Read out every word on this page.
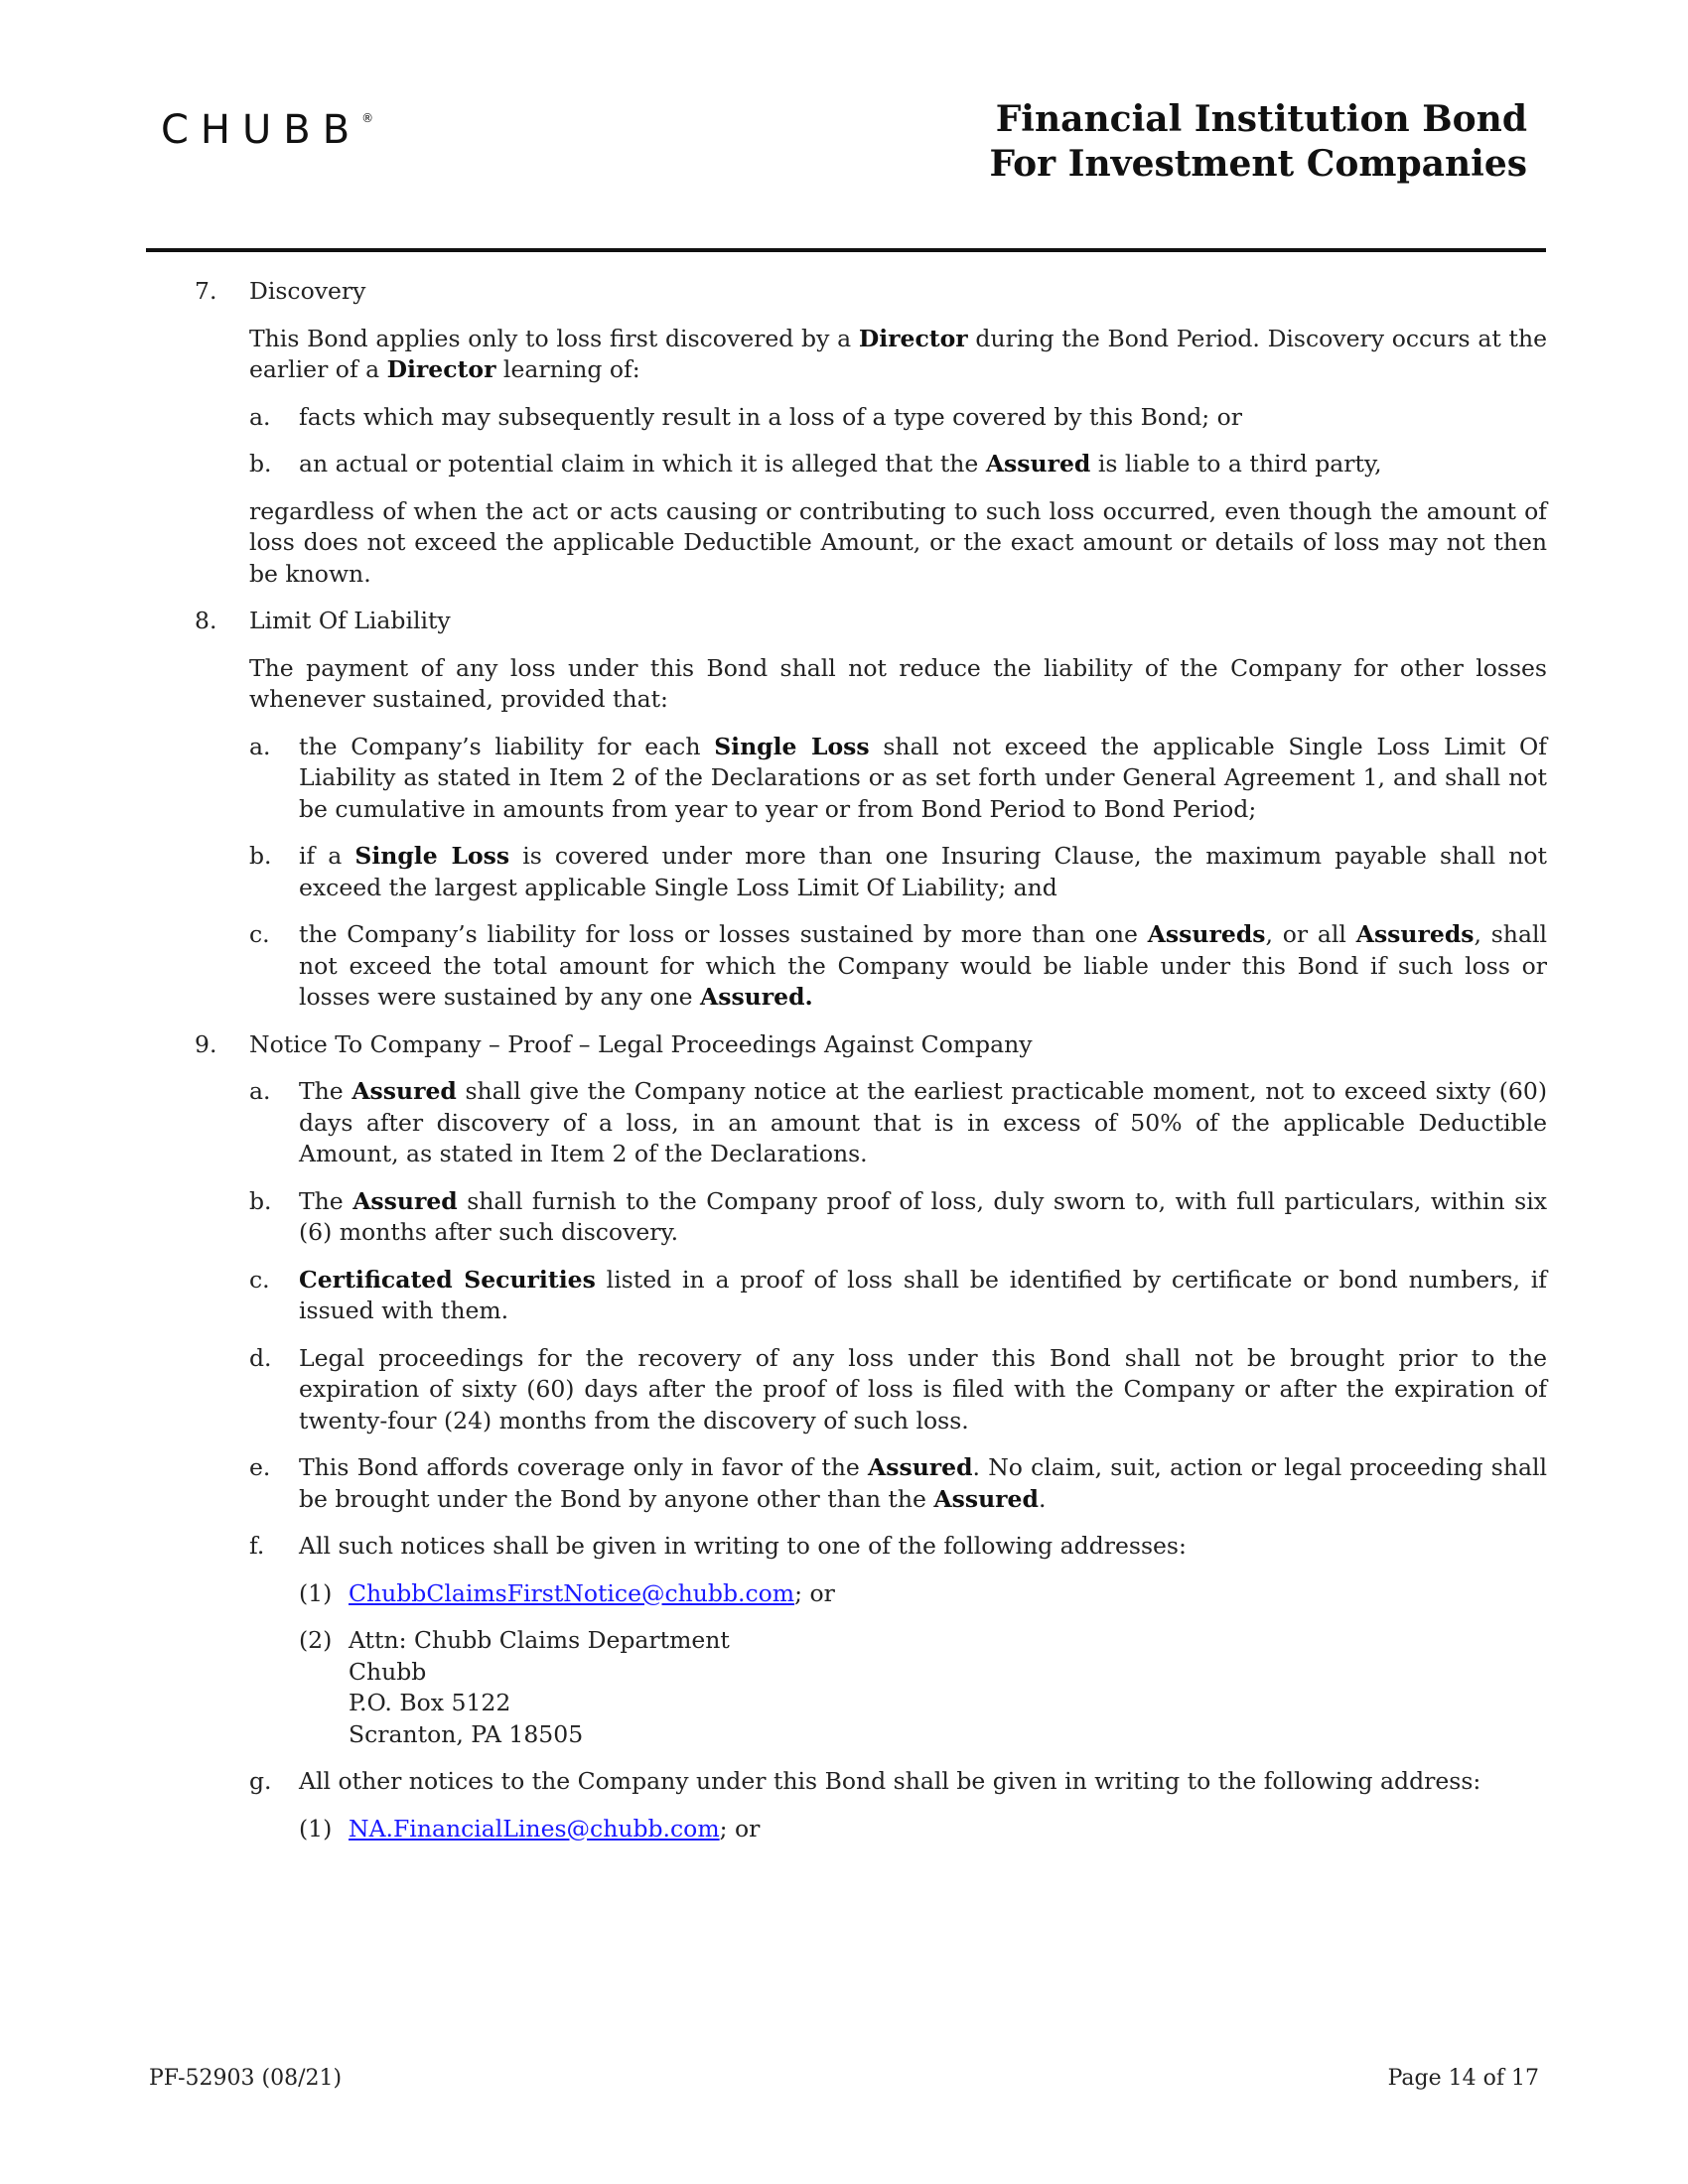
CHUBB®	Financial Institution Bond
For Investment Companies
7. Discovery

This Bond applies only to loss first discovered by a Director during the Bond Period. Discovery occurs at the earlier of a Director learning of:

a. facts which may subsequently result in a loss of a type covered by this Bond; or
b. an actual or potential claim in which it is alleged that the Assured is liable to a third party,

regardless of when the act or acts causing or contributing to such loss occurred, even though the amount of loss does not exceed the applicable Deductible Amount, or the exact amount or details of loss may not then be known.

8. Limit Of Liability

The payment of any loss under this Bond shall not reduce the liability of the Company for other losses whenever sustained, provided that:

a. the Company’s liability for each Single Loss shall not exceed the applicable Single Loss Limit Of Liability as stated in Item 2 of the Declarations or as set forth under General Agreement 1, and shall not be cumulative in amounts from year to year or from Bond Period to Bond Period;
b. if a Single Loss is covered under more than one Insuring Clause, the maximum payable shall not exceed the largest applicable Single Loss Limit Of Liability; and
c. the Company’s liability for loss or losses sustained by more than one Assureds, or all Assureds, shall not exceed the total amount for which the Company would be liable under this Bond if such loss or losses were sustained by any one Assured.
9. Notice To Company – Proof – Legal Proceedings Against Company
a. The Assured shall give the Company notice at the earliest practicable moment, not to exceed sixty (60) days after discovery of a loss, in an amount that is in excess of 50% of the applicable Deductible Amount, as stated in Item 2 of the Declarations.
b. The Assured shall furnish to the Company proof of loss, duly sworn to, with full particulars, within six (6) months after such discovery.
c. Certificated Securities listed in a proof of loss shall be identified by certificate or bond numbers, if issued with them.
d. Legal proceedings for the recovery of any loss under this Bond shall not be brought prior to the expiration of sixty (60) days after the proof of loss is filed with the Company or after the expiration of twenty-four (24) months from the discovery of such loss.
e. This Bond affords coverage only in favor of the Assured. No claim, suit, action or legal proceeding shall be brought under the Bond by anyone other than the Assured.
f. All such notices shall be given in writing to one of the following addresses:
(1) ChubbClaimsFirstNotice@chubb.com; or
(2) Attn: Chubb Claims Department
Chubb
P.O. Box 5122
Scranton, PA 18505
g. All other notices to the Company under this Bond shall be given in writing to the following address:
(1) NA.FinancialLines@chubb.com; or
PF-52903 (08/21)	Page 14 of 17
